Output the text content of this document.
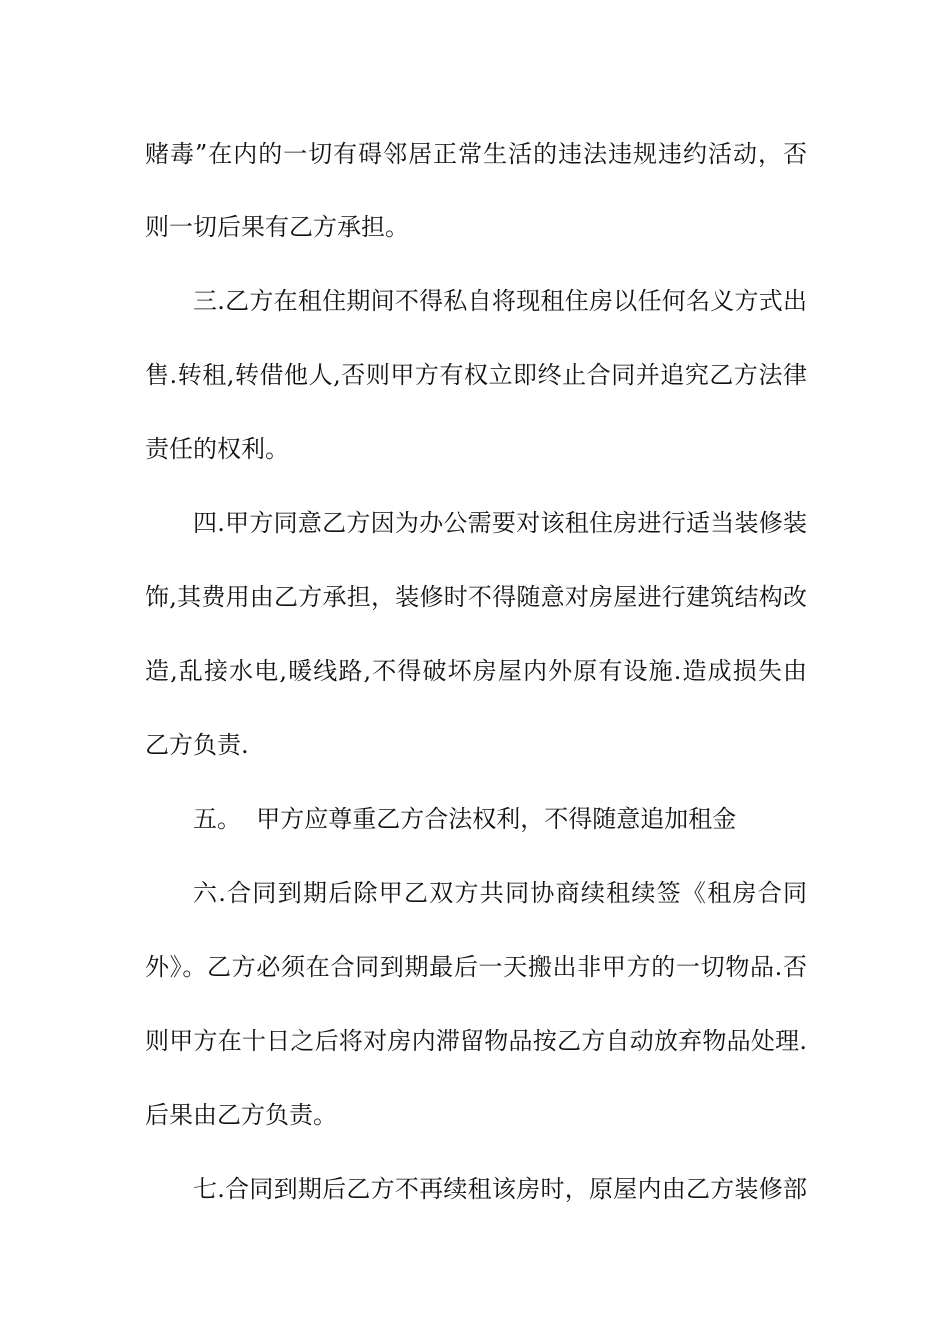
赌毒”在内的一切有碍邻居正常生活的违法违规违约活动，否
则一切后果有乙方承担。
三.乙方在租住期间不得私自将现租住房以任何名义方式出
售.转租,转借他人,否则甲方有权立即终止合同并追究乙方法律
责任的权利。
四.甲方同意乙方因为办公需要对该租住房进行适当装修装
饰,其费用由乙方承担，装修时不得随意对房屋进行建筑结构改
造,乱接水电,暖线路,不得破坏房屋内外原有设施.造成损失由
乙方负责.
五。  甲方应尊重乙方合法权利，不得随意追加租金
六.合同到期后除甲乙双方共同协商续租续签《租房合同
外》。乙方必须在合同到期最后一天搬出非甲方的一切物品.否
则甲方在十日之后将对房内滞留物品按乙方自动放弃物品处理.
后果由乙方负责。
七.合同到期后乙方不再续租该房时，原屋内由乙方装修部
